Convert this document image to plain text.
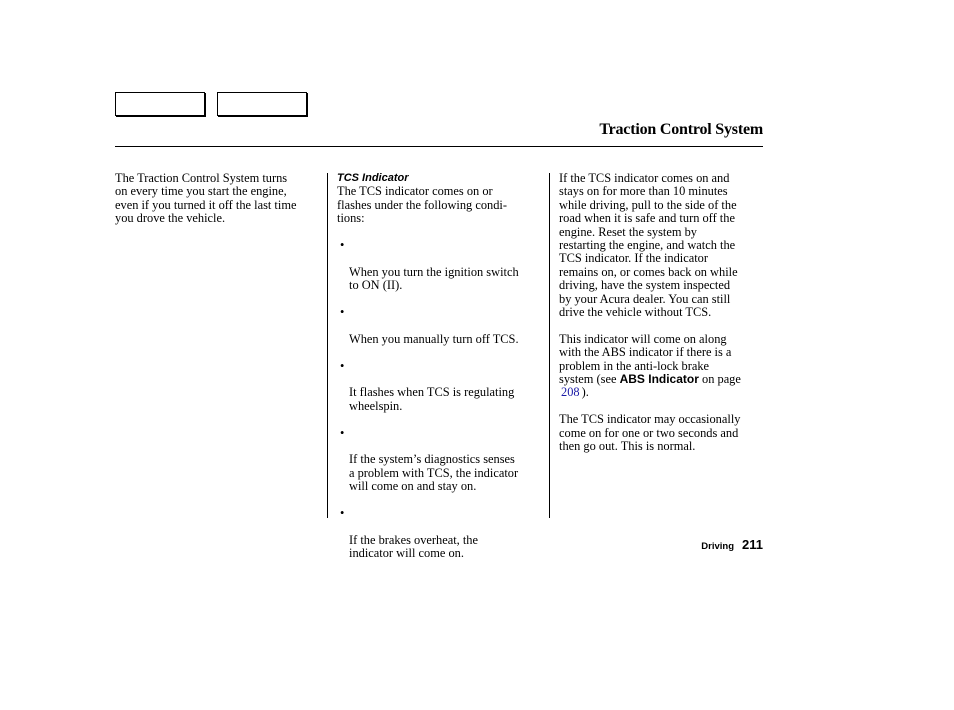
Traction Control System

The Traction Control System turns
on every time you start the engine,
even if you turned it off the last time
you drove the vehicle.

TCS Indicator

The TCS indicator comes on or
flashes under the following condi-
tions:

•

When you turn the ignition switch
to ON (II).

•

When you manually turn off TCS.

•

It flashes when TCS is regulating
wheelspin.

•

If the system’s diagnostics senses
a problem with TCS, the indicator
will come on and stay on.

•

If the brakes overheat, the
indicator will come on.

If the TCS indicator comes on and
stays on for more than 10 minutes
while driving, pull to the side of the
road when it is safe and turn off the
engine. Reset the system by
restarting the engine, and watch the
TCS indicator. If the indicator
remains on, or comes back on while
driving, have the system inspected
by your Acura dealer. You can still
drive the vehicle without TCS.

This indicator will come on along
with the ABS indicator if there is a
problem in the anti-lock brake
system (see ABS Indicator on page
208 ).

The TCS indicator may occasionally
come on for one or two seconds and
then go out. This is normal.

Driving 211
